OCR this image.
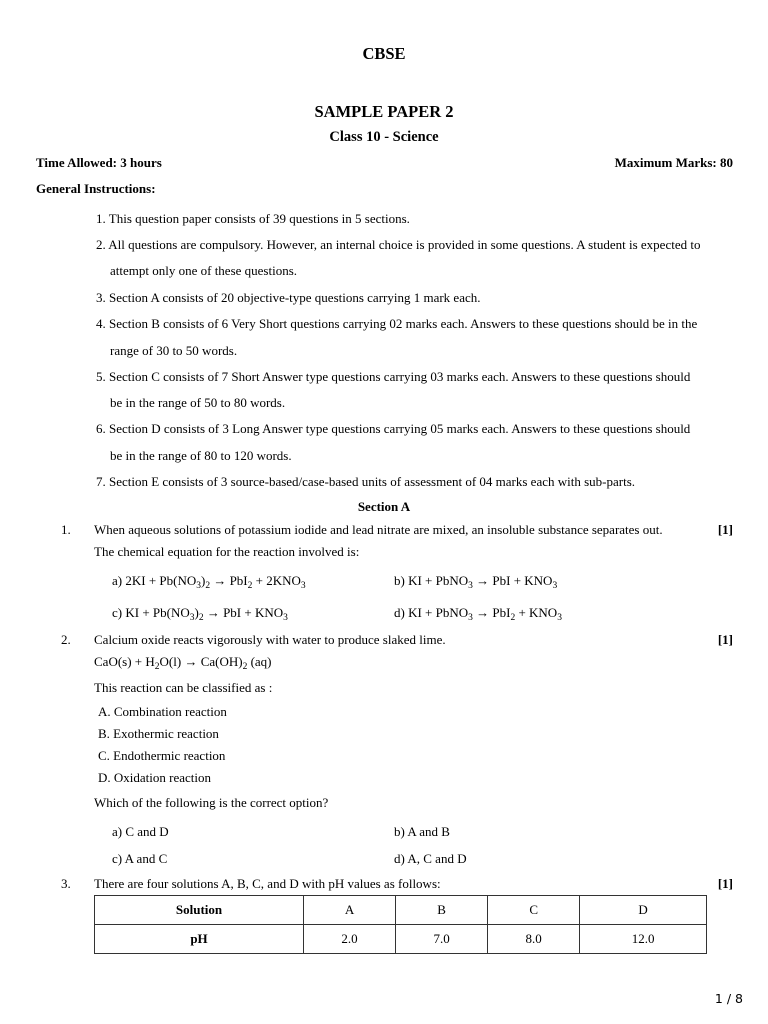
CBSE
SAMPLE PAPER 2
Class 10 - Science
Time Allowed: 3 hours	Maximum Marks: 80
General Instructions:
1. This question paper consists of 39 questions in 5 sections.
2. All questions are compulsory. However, an internal choice is provided in some questions. A student is expected to
attempt only one of these questions.
3. Section A consists of 20 objective-type questions carrying 1 mark each.
4. Section B consists of 6 Very Short questions carrying 02 marks each. Answers to these questions should be in the
range of 30 to 50 words.
5. Section C consists of 7 Short Answer type questions carrying 03 marks each. Answers to these questions should
be in the range of 50 to 80 words.
6. Section D consists of 3 Long Answer type questions carrying 05 marks each. Answers to these questions should
be in the range of 80 to 120 words.
7. Section E consists of 3 source-based/case-based units of assessment of 04 marks each with sub-parts.
Section A
1. When aqueous solutions of potassium iodide and lead nitrate are mixed, an insoluble substance separates out.	[1]
The chemical equation for the reaction involved is:
a) $2KI + Pb(NO_3)_2 \to PbI_2 + 2KNO_3$	b) KI + PbNO$_3$ → PbI + $KNO_3$
c) KI + $Pb(NO_3)_2$ → PbI + $KNO_3$	d) KI + PbNO$_3$ → $PbI_2 + KNO_3$
2. Calcium oxide reacts vigorously with water to produce slaked lime.	[1]
$CaO(s) + H_2O(l) \to Ca(OH)_2$ (aq)
This reaction can be classified as :
A. Combination reaction
B. Exothermic reaction
C. Endothermic reaction
D. Oxidation reaction
Which of the following is the correct option?
a) C and D	b) A and B
c) A and C	d) A, C and D
3. There are four solutions A, B, C, and D with pH values as follows:	[1]
Solution	A	B	C	D
pH	2.0	7.0	8.0	12.0
1 / 8
